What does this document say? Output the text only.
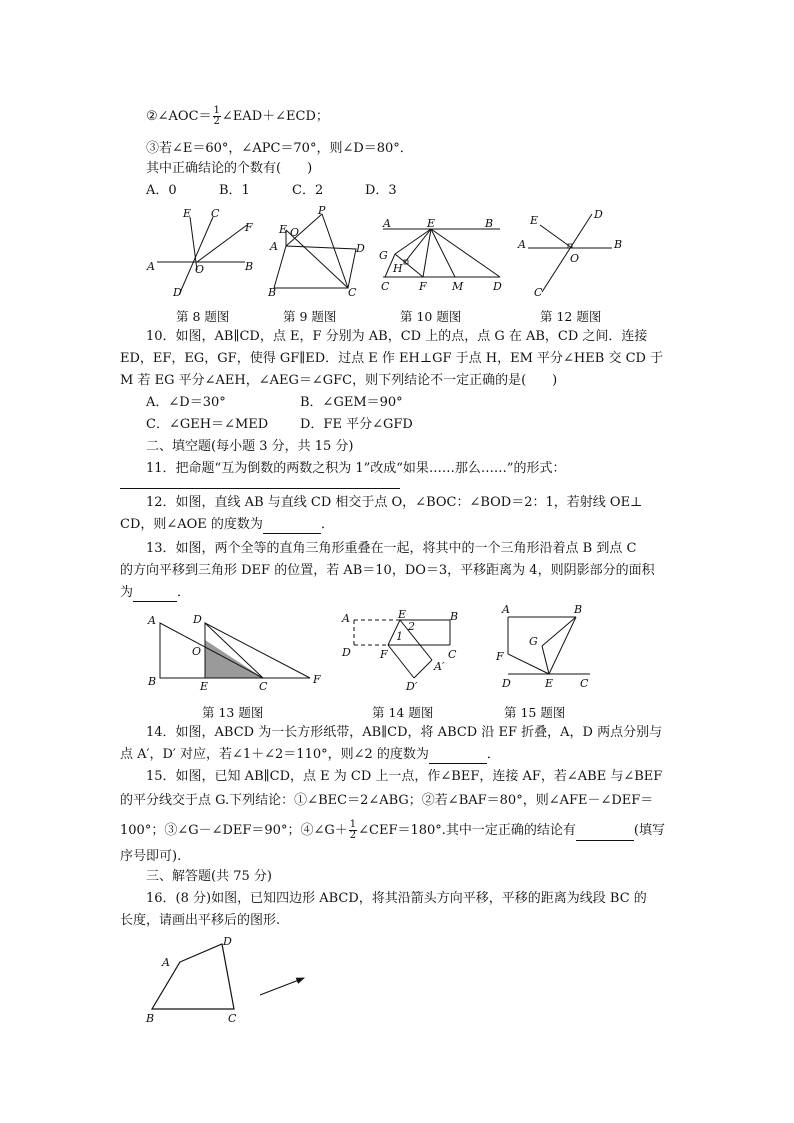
②∠AOC＝ $\frac{1}{2}$ ∠EAD＋∠ECD；
③若∠E＝60°，∠APC＝70°，则∠D＝80°．
其中正确结论的个数有(　　)
A．0	B．1	C．2	D．3
E C
F
A	O	B
D
P
E O
A	D
B	C
A	E	B
G
H
C	F M	D
E	D
A
O
B
C
第 8 题图	第 9 题图	第 10 题图	第 12 题图
10．如图，AB∥CD，点 E，F 分别为 AB，CD 上的点，点 G 在 AB，CD 之间．连接
ED，EF，EG，GF，使得 GF∥ED．过点 E 作 EH⊥GF 于点 H，EM 平分∠HEB 交 CD 于
M 若 EG 平分∠AEH，∠AEG＝∠GFC，则下列结论不一定正确的是(　　)
A．∠D＝30°	B．∠GEM＝90°
C．∠GEH＝∠MED D．FE 平分∠GFD
二、填空题(每小题 3 分，共 15 分)
11．把命题“互为倒数的两数之积为 1”改成“如果……那么……”的形式：
12．如图，直线 AB 与直线 CD 相交于点 O，∠BOC：∠BOD＝2：1，若射线 OE⊥
CD，则∠AOE 的度数为	．
13．如图，两个全等的直角三角形重叠在一起，将其中的一个三角形沿着点 B 到点 C
的方向平移到三角形 DEF 的位置，若 AB＝10，DO＝3，平移距离为 4，则阴影部分的面积
为	．
A	D
O
B	E	C
F
A	E
2
B
1
D	F	C
A′
D′
A	B
G
F
D	E C
第 13 题图	第 14 题图	第 15 题图
14．如图，ABCD 为一长方形纸带，AB∥CD，将 ABCD 沿 EF 折叠，A，D 两点分别与
点 A′，D′ 对应，若∠1＋∠2＝110°，则∠2 的度数为	．
15．如图，已知 AB∥CD，点 E 为 CD 上一点，作∠BEF，连接 AF，若∠ABE 与∠BEF
的平分线交于点 G.下列结论：①∠BEC＝2∠ABG；②若∠BAF＝80°，则∠AFE－∠DEF＝
100°；③∠G－∠DEF＝90°；④∠G＋ $\frac{1}{2}$ ∠CEF＝180°.其中一定正确的结论有	(填写
序号即可).
三、解答题(共 75 分)
16．(8 分)如图，已知四边形 ABCD，将其沿箭头方向平移，平移的距离为线段 BC 的
长度，请画出平移后的图形.
D
A
B	C
